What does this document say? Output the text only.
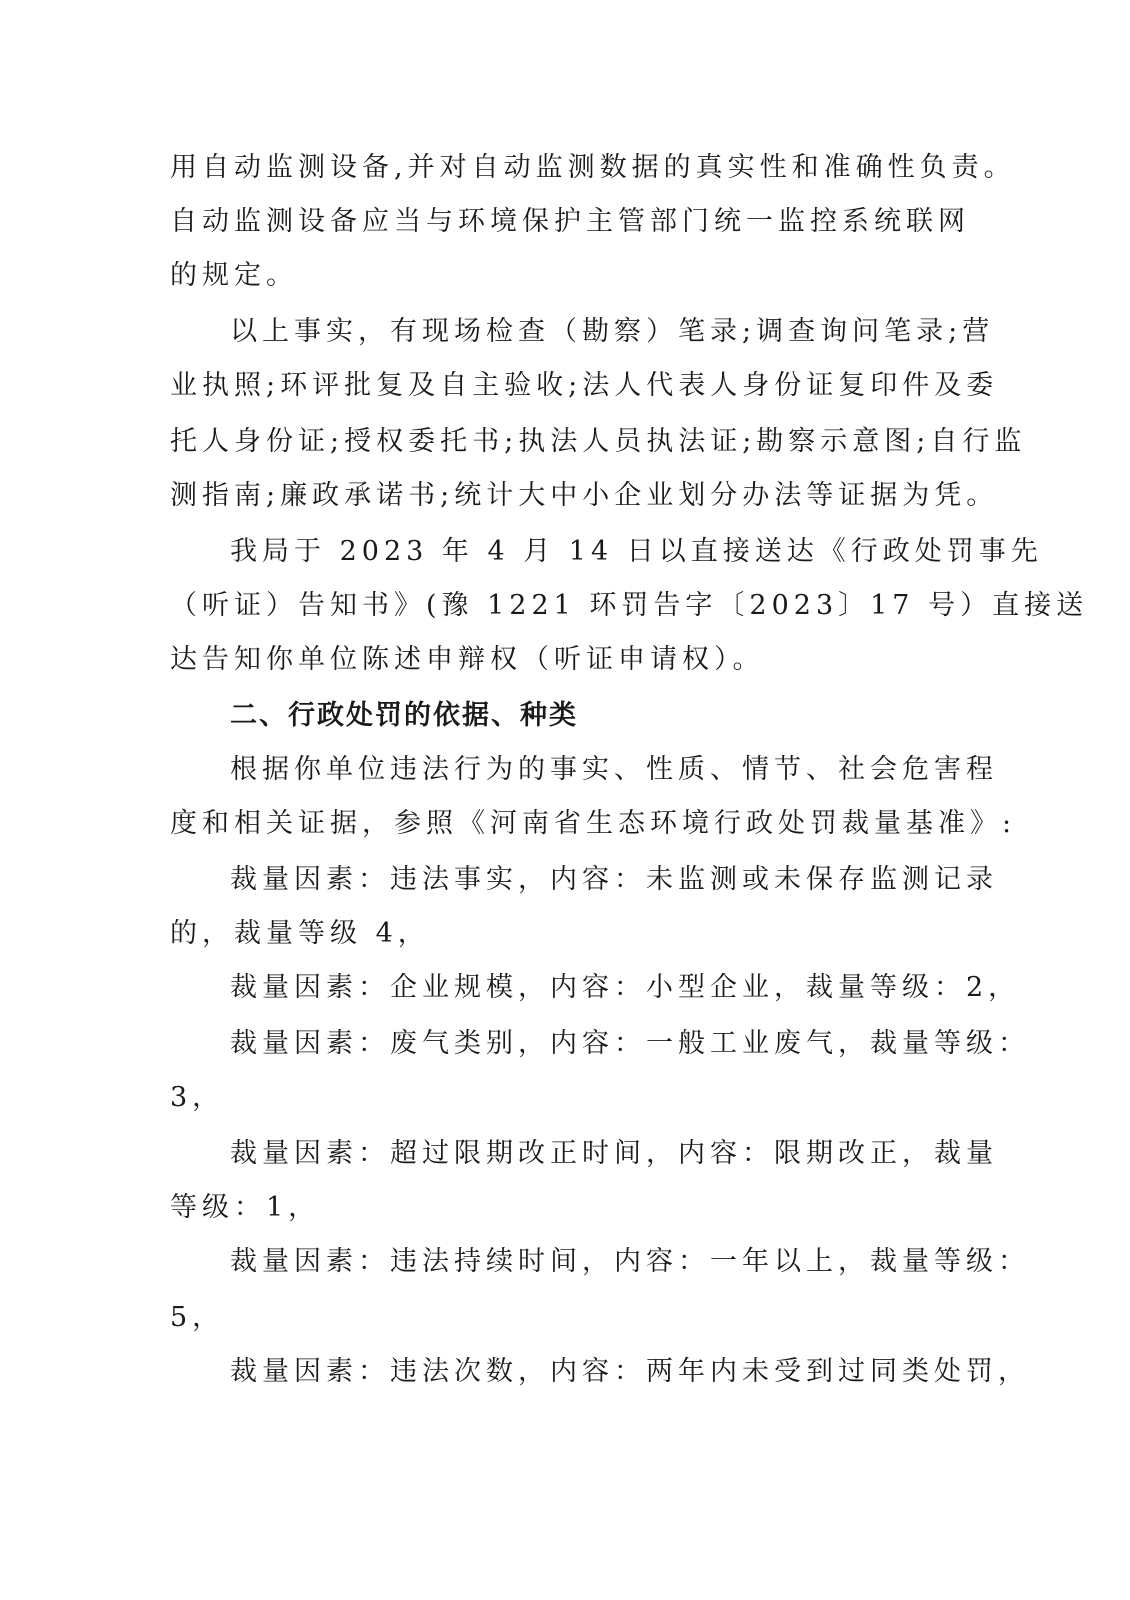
用自动监测设备,并对自动监测数据的真实性和准确性负责。
自动监测设备应当与环境保护主管部门统一监控系统联网
的规定。
以上事实，有现场检查（勘察）笔录;调查询问笔录;营
业执照;环评批复及自主验收;法人代表人身份证复印件及委
托人身份证;授权委托书;执法人员执法证;勘察示意图;自行监
测指南;廉政承诺书;统计大中小企业划分办法等证据为凭。
我局于 2023 年 4 月 14 日以直接送达《行政处罚事先
（听证）告知书》(豫 1221 环罚告字〔2023〕17 号）直接送
达告知你单位陈述申辩权（听证申请权）。
二、行政处罚的依据、种类
根据你单位违法行为的事实、性质、情节、社会危害程
度和相关证据，参照《河南省生态环境行政处罚裁量基准》:
裁量因素：违法事实，内容：未监测或未保存监测记录
的，裁量等级 4，
裁量因素：企业规模，内容：小型企业，裁量等级：2，
裁量因素：废气类别，内容：一般工业废气，裁量等级：
3，
裁量因素：超过限期改正时间，内容：限期改正，裁量
等级：1，
裁量因素：违法持续时间，内容：一年以上，裁量等级：
5，
裁量因素：违法次数，内容：两年内未受到过同类处罚，
